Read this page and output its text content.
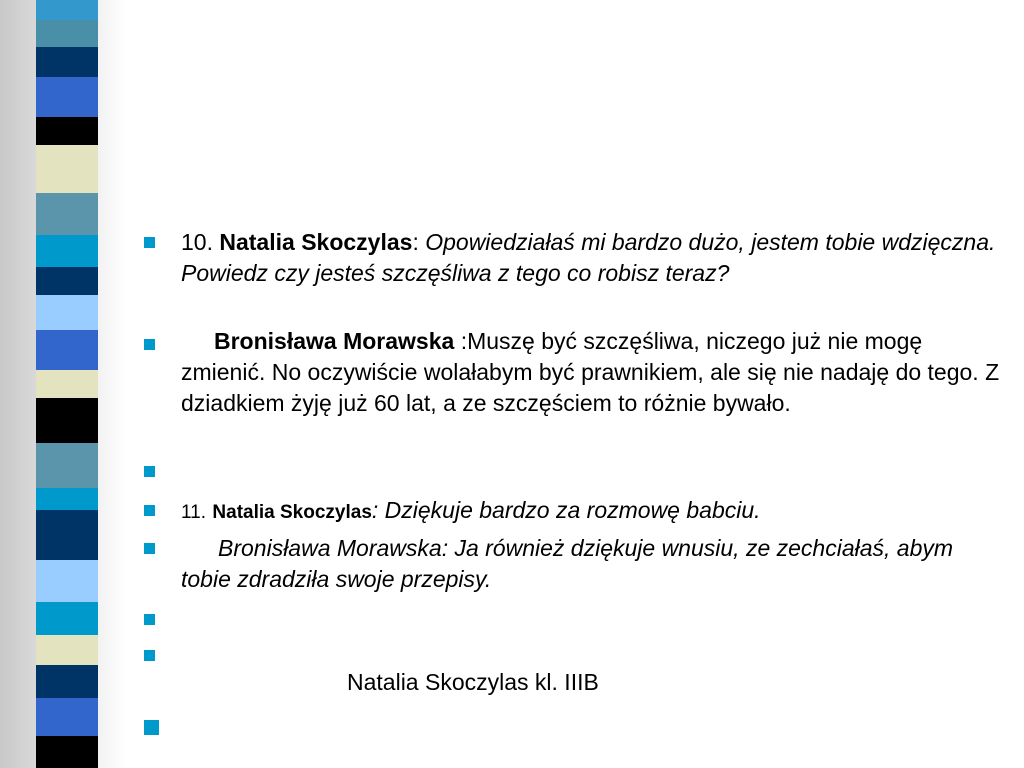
10. Natalia Skoczylas: Opowiedziałaś mi bardzo dużo, jestem tobie wdzięczna. Powiedz czy jesteś szczęśliwa z tego co robisz teraz?
Bronisława Morawska :Muszę być szczęśliwa, niczego już nie mogę zmienić. No oczywiście wolałabym być prawnikiem, ale się nie nadaję do tego. Z dziadkiem żyję już 60 lat, a ze szczęściem to różnie bywało.
11. Natalia Skoczylas: Dziękuje bardzo za rozmowę babciu.
Bronisława Morawska: Ja również dziękuje wnusiu, ze zechciałaś, abym tobie zdradziła swoje przepisy.
Natalia Skoczylas kl. IIIB
